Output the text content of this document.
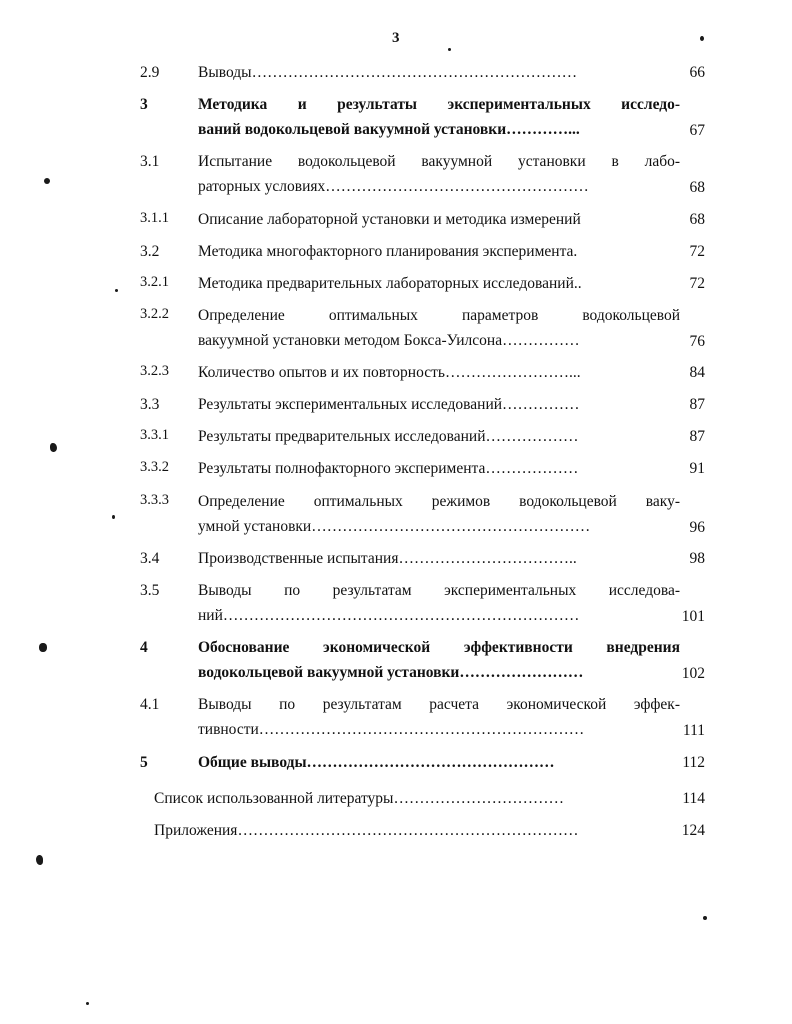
3
2.9	Выводы………………………………………………………	66
3	Методика и результаты экспериментальных исследо-
ваний водокольцевой вакуумной установки…………...	67
3.1	Испытание водокольцевой вакуумной установки в лабо-
раторных условиях……………………………………………	68
3.1.1	Описание лабораторной установки и методика измерений	68
3.2	Методика многофакторного планирования эксперимента.	72
3.2.1	Методика предварительных лабораторных исследований..	72
3.2.2	Определение оптимальных параметров водокольцевой
вакуумной установки методом Бокса-Уилсона……………	76
3.2.3	Количество опытов и их повторность……………………...	84
3.3	Результаты экспериментальных исследований……………	87
3.3.1	Результаты предварительных исследований………………	87
3.3.2	Результаты полнофакторного эксперимента………………	91
3.3.3	Определение оптимальных режимов водокольцевой ваку-
умной установки………………………………………………	96
3.4	Производственные испытания……………………………..	98
3.5	Выводы по результатам экспериментальных исследова-
ний……………………………………………………………	101
4	Обоснование экономической эффективности внедрения
водокольцевой вакуумной установки……………………	102
4.1	Выводы по результатам расчета экономической эффек-
тивности………………………………………………………	111
5	Общие выводы…………………………………………	112
Список использованной литературы……………………………	114
Приложения…………………………………………………………	124
